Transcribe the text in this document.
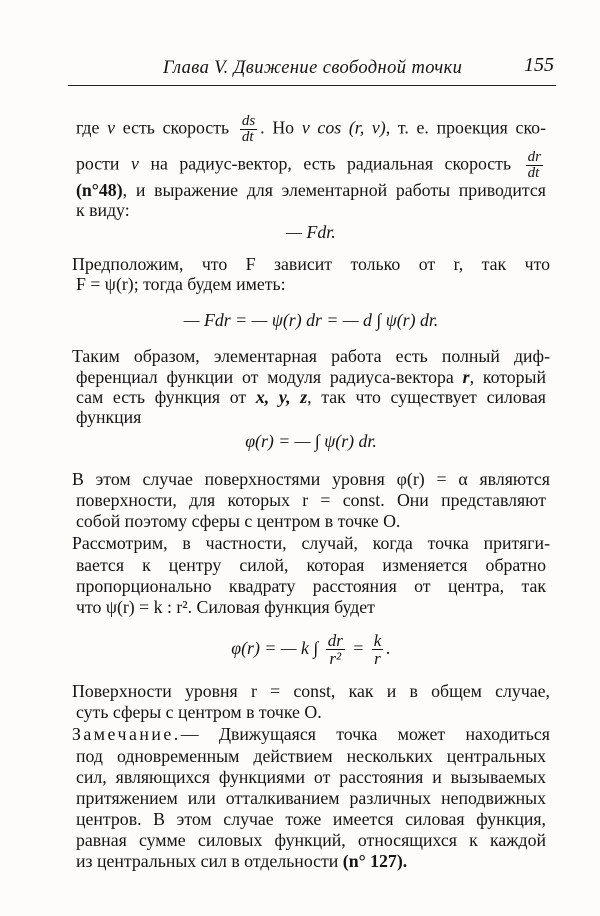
Глава V. Движение свободной точки	155
где v есть скорость $\frac{ds}{dt}$ . Но v cos (r, v), т. е. проекция ско-
рости v на радиус-вектор, есть радиальная скорость $\frac{dr}{dt}$
(n°48), и выражение для элементарной работы приводится
к виду:
— Fdr.
Предположим, что F зависит только от r, так что
F = ψ(r); тогда будем иметь:
— Fdr = — ψ(r) dr = — d ∫ ψ(r) dr.
Таким образом, элементарная работа есть полный диф-
ференциал функции от модуля радиуса-вектора r, который
сам есть функция от x, y, z, так что существует силовая
функция
φ(r) = — ∫ ψ(r) dr.
В этом случае поверхностями уровня φ(r) = α являются
поверхности, для которых r = const. Они представляют
собой поэтому сферы с центром в точке O.
Рассмотрим, в частности, случай, когда точка притяги-
вается к центру силой, которая изменяется обратно
пропорционально квадрату расстояния от центра, так
что ψ(r) = k : r². Силовая функция будет
φ(r) = — k ∫ $\frac{dr}{\text{r²}} = \frac{k}{r}$ .
Поверхности уровня r = const, как и в общем случае,
суть сферы с центром в точке O.
Замечание.— Движущаяся точка может находиться
под одновременным действием нескольких центральных
сил, являющихся функциями от расстояния и вызываемых
притяжением или отталкиванием различных неподвижных
центров. В этом случае тоже имеется силовая функция,
равная сумме силовых функций, относящихся к каждой
из центральных сил в отдельности (n° 127).
